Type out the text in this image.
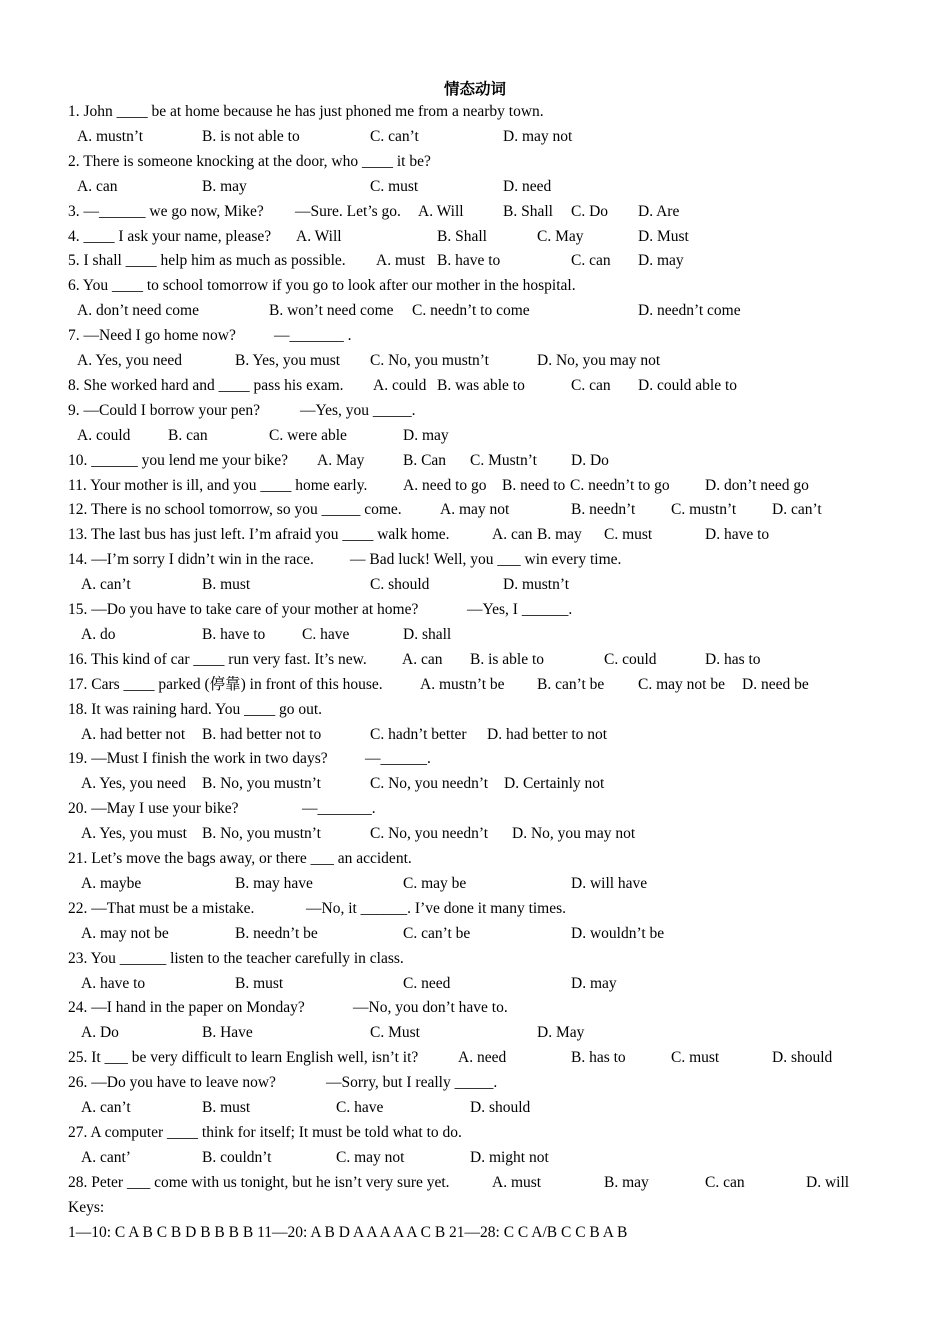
情态动词
1. John ____ be at home because he has just phoned me from a nearby town.
A. mustn’t	B. is not able to	C. can’t	D. may not
2. There is someone knocking at the door, who ____ it be?
A. can	B. may	C. must	D. need
3. —______ we go now, Mike? —Sure. Let’s go. A. Will	B. Shall C. Do D. Are
4. ____ I ask your name, please? A. Will	B. Shall	C. May	D. Must
5. I shall ____ help him as much as possible. A. must B. have to	C. can D. may
6. You ____ to school tomorrow if you go to look after our mother in the hospital.
A. don’t need come	B. won’t need come C. needn’t to come	D. needn’t come
7. —Need I go home now? —_______ .
A. Yes, you need	B. Yes, you must C. No, you mustn’t	D. No, you may not
8. She worked hard and ____ pass his exam. A. could B. was able to	C. can D. could able to
9. —Could I borrow your pen?	—Yes, you _____.
A. could B. can	C. were able	D. may
10. ______ you lend me your bike? A. May B. Can C. Mustn’t D. Do
11. Your mother is ill, and you ____ home early. A. need to go B. need to C. needn’t to go D. don’t need go
12. There is no school tomorrow, so you _____ come. A. may not	B. needn’t C. mustn’t D. can’t
13. The last bus has just left. I’m afraid you ____ walk home.	A. can B. may C. must	D. have to
14. —I’m sorry I didn’t win in the race. — Bad luck! Well, you ___ win every time.
A. can’t	B. must	C. should	D. mustn’t
15. —Do you have to take care of your mother at home?	—Yes, I ______.
A. do	B. have to C. have	D. shall
16. This kind of car ____ run very fast. It’s new. A. can B. is able to	C. could	D. has to
17. Cars ____ parked (停靠) in front of this house. A. mustn’t be B. can’t be C. may not be D. need be
18. It was raining hard. You ____ go out.
A. had better not B. had better not to	C. hadn’t better D. had better to not
19. —Must I finish the work in two days? —______.
A. Yes, you need B. No, you mustn’t	C. No, you needn’t D. Certainly not
20. —May I use your bike?	—_______.
A. Yes, you must B. No, you mustn’t	C. No, you needn’t D. No, you may not
21. Let’s move the bags away, or there ___ an accident.
A. maybe	B. may have	C. may be	D. will have
22. —That must be a mistake.	—No, it ______. I’ve done it many times.
A. may not be	B. needn’t be	C. can’t be	D. wouldn’t be
23. You ______ listen to the teacher carefully in class.
A. have to	B. must	C. need	D. may
24. —I hand in the paper on Monday?	—No, you don’t have to.
A. Do	B. Have	C. Must	D. May
25. It ___ be very difficult to learn English well, isn’t it?	A. need	B. has to	C. must	D. should
26. —Do you have to leave now?	—Sorry, but I really _____.
A. can’t	B. must	C. have	D. should
27. A computer ____ think for itself; It must be told what to do.
A. cant’	B. couldn’t	C. may not	D. might not
28. Peter ___ come with us tonight, but he isn’t very sure yet.	A. must	B. may	C. can	D. will
Keys:
1—10: C A B C B D B B B B 11—20: A B D A A A A A C B 21—28: C C A/B C C B A B
